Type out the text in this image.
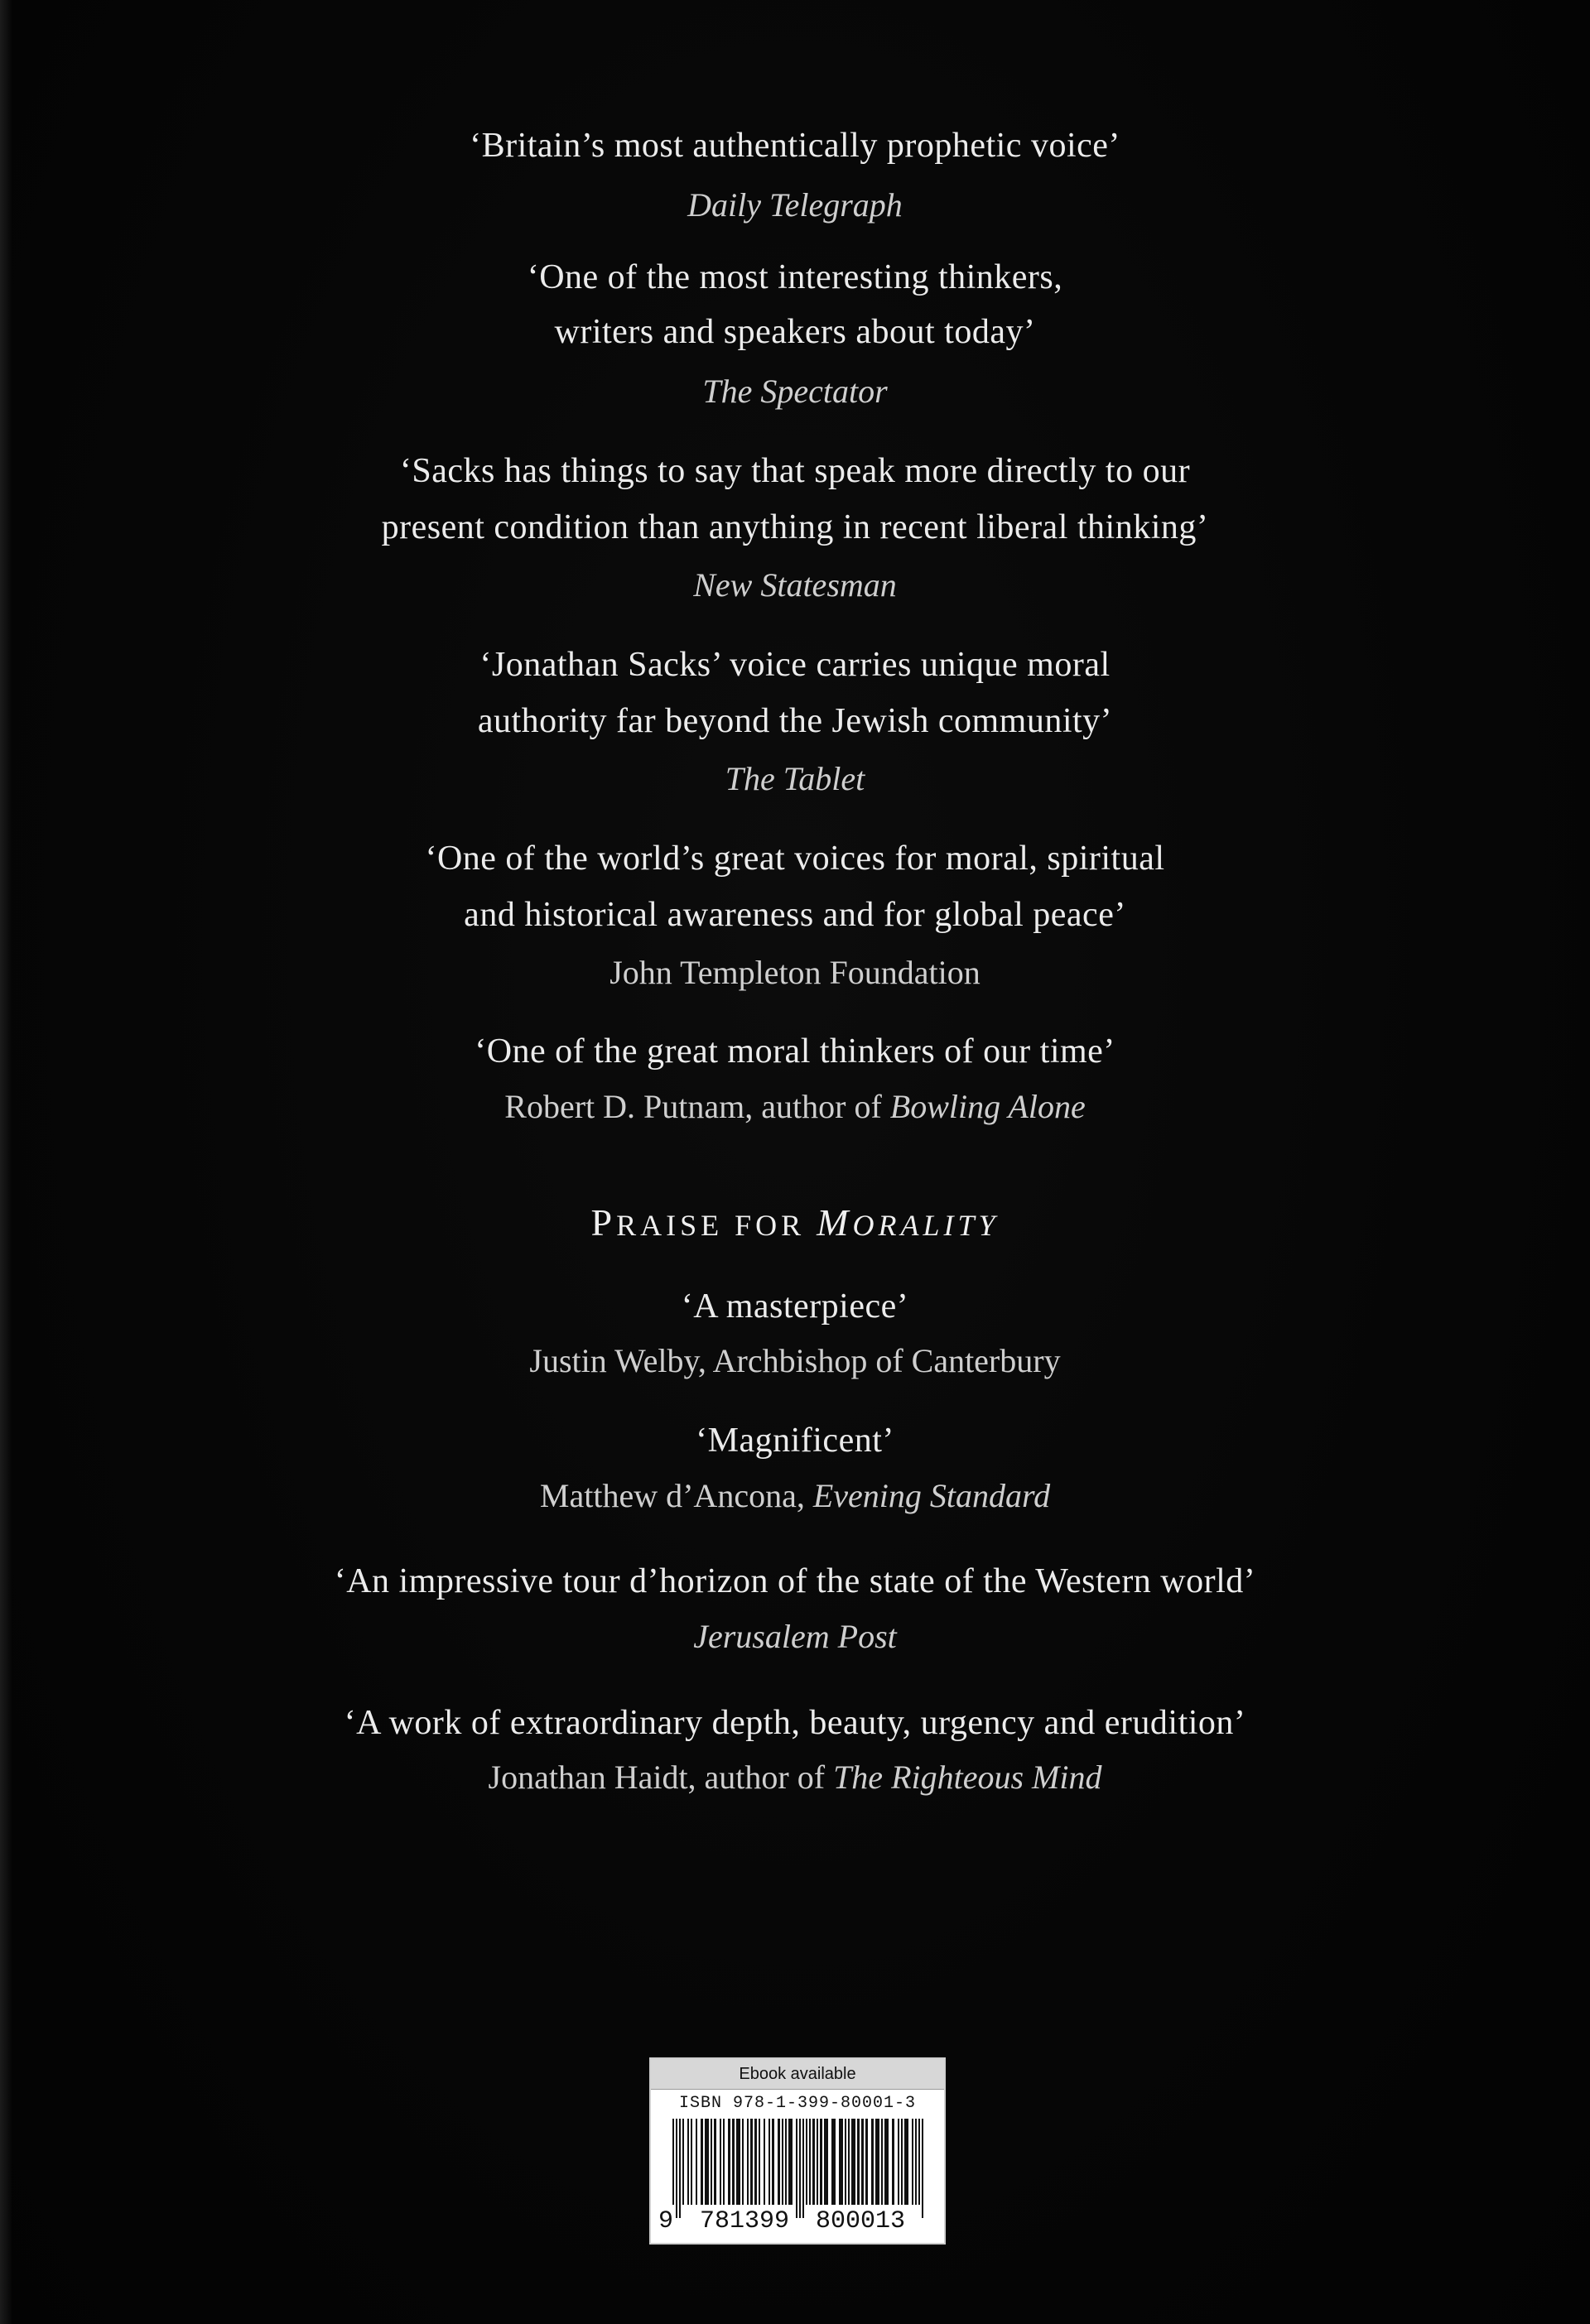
‘Britain’s most authentically prophetic voice’
Daily Telegraph
‘One of the most interesting thinkers,
writers and speakers about today’
The Spectator
‘Sacks has things to say that speak more directly to our
present condition than anything in recent liberal thinking’
New Statesman
‘Jonathan Sacks’ voice carries unique moral
authority far beyond the Jewish community’
The Tablet
‘One of the world’s great voices for moral, spiritual
and historical awareness and for global peace’
John Templeton Foundation
‘One of the great moral thinkers of our time’
Robert D. Putnam, author of Bowling Alone
PRAISE FOR MORALITY
‘A masterpiece’
Justin Welby, Archbishop of Canterbury
‘Magnificent’
Matthew d’Ancona, Evening Standard
‘An impressive tour d’horizon of the state of the Western world’
Jerusalem Post
‘A work of extraordinary depth, beauty, urgency and erudition’
Jonathan Haidt, author of The Righteous Mind
Ebook available
ISBN 978-1-399-80001-3
9 781399 800013
